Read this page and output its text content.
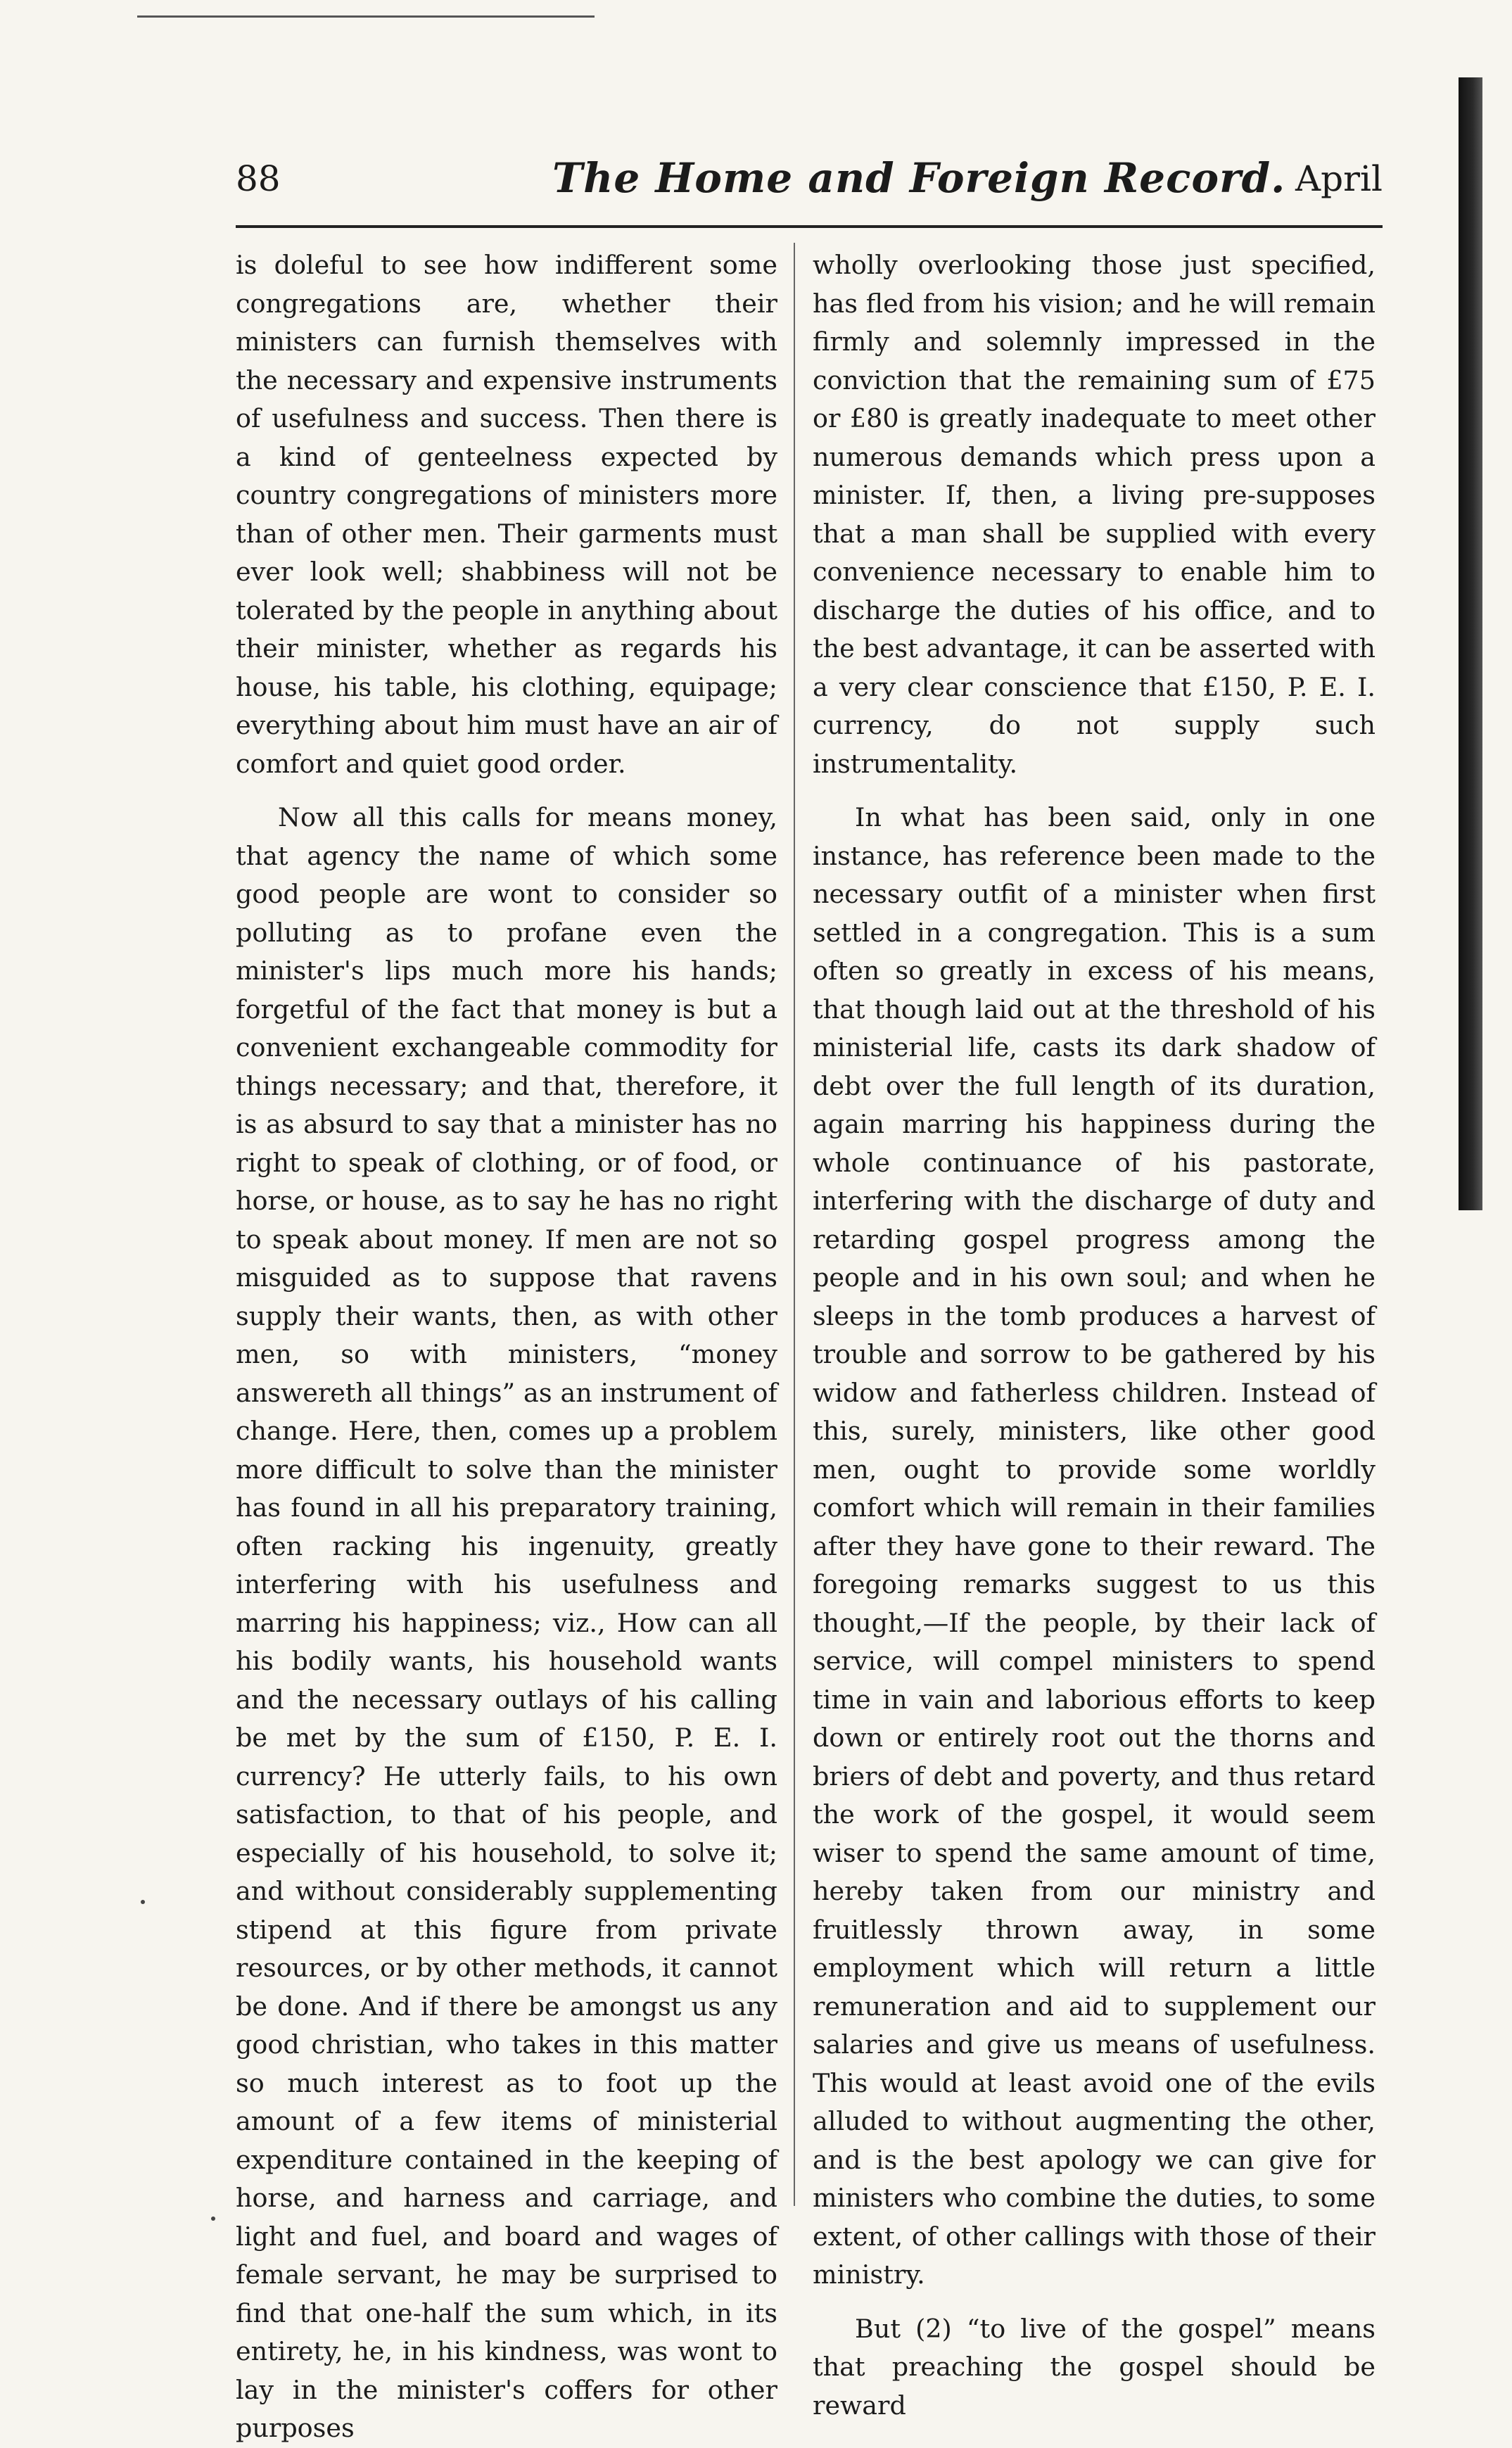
88	The Home and Foreign Record. April

is doleful to see how indifferent some congregations are, whether their ministers can furnish themselves with the necessary and expensive instruments of usefulness and success. Then there is a kind of genteelness expected by country congregations of ministers more than of other men. Their garments must ever look well; shabbiness will not be tolerated by the people in anything about their minister, whether as regards his house, his table, his clothing, equipage; everything about him must have an air of comfort and quiet good order.

Now all this calls for means money, that agency the name of which some good people are wont to consider so polluting as to profane even the minister's lips much more his hands; forgetful of the fact that money is but a convenient exchangeable commodity for things necessary; and that, therefore, it is as absurd to say that a minister has no right to speak of clothing, or of food, or horse, or house, as to say he has no right to speak about money. If men are not so misguided as to suppose that ravens supply their wants, then, as with other men, so with ministers, “money answereth all things” as an instrument of change. Here, then, comes up a problem more difficult to solve than the minister has found in all his preparatory training, often racking his ingenuity, greatly interfering with his usefulness and marring his happiness; viz., How can all his bodily wants, his household wants and the necessary outlays of his calling be met by the sum of £150, P. E. I. currency? He utterly fails, to his own satisfaction, to that of his people, and especially of his household, to solve it; and without considerably supplementing stipend at this figure from private resources, or by other methods, it cannot be done. And if there be amongst us any good christian, who takes in this matter so much interest as to foot up the amount of a few items of ministerial expenditure contained in the keeping of horse, and harness and carriage, and light and fuel, and board and wages of female servant, he may be surprised to find that one-half the sum which, in its entirety, he, in his kindness, was wont to lay in the minister's coffers for other purposes

wholly overlooking those just specified, has fled from his vision; and he will remain firmly and solemnly impressed in the conviction that the remaining sum of £75 or £80 is greatly inadequate to meet other numerous demands which press upon a minister. If, then, a living pre-supposes that a man shall be supplied with every convenience necessary to enable him to discharge the duties of his office, and to the best advantage, it can be asserted with a very clear conscience that £150, P. E. I. currency, do not supply such instrumentality.

In what has been said, only in one instance, has reference been made to the necessary outfit of a minister when first settled in a congregation. This is a sum often so greatly in excess of his means, that though laid out at the threshold of his ministerial life, casts its dark shadow of debt over the full length of its duration, again marring his happiness during the whole continuance of his pastorate, interfering with the discharge of duty and retarding gospel progress among the people and in his own soul; and when he sleeps in the tomb produces a harvest of trouble and sorrow to be gathered by his widow and fatherless children. Instead of this, surely, ministers, like other good men, ought to provide some worldly comfort which will remain in their families after they have gone to their reward. The foregoing remarks suggest to us this thought,—If the people, by their lack of service, will compel ministers to spend time in vain and laborious efforts to keep down or entirely root out the thorns and briers of debt and poverty, and thus retard the work of the gospel, it would seem wiser to spend the same amount of time, hereby taken from our ministry and fruitlessly thrown away, in some employment which will return a little remuneration and aid to supplement our salaries and give us means of usefulness. This would at least avoid one of the evils alluded to without augmenting the other, and is the best apology we can give for ministers who combine the duties, to some extent, of other callings with those of their ministry.

But (2) “to live of the gospel” means that preaching the gospel should be reward
